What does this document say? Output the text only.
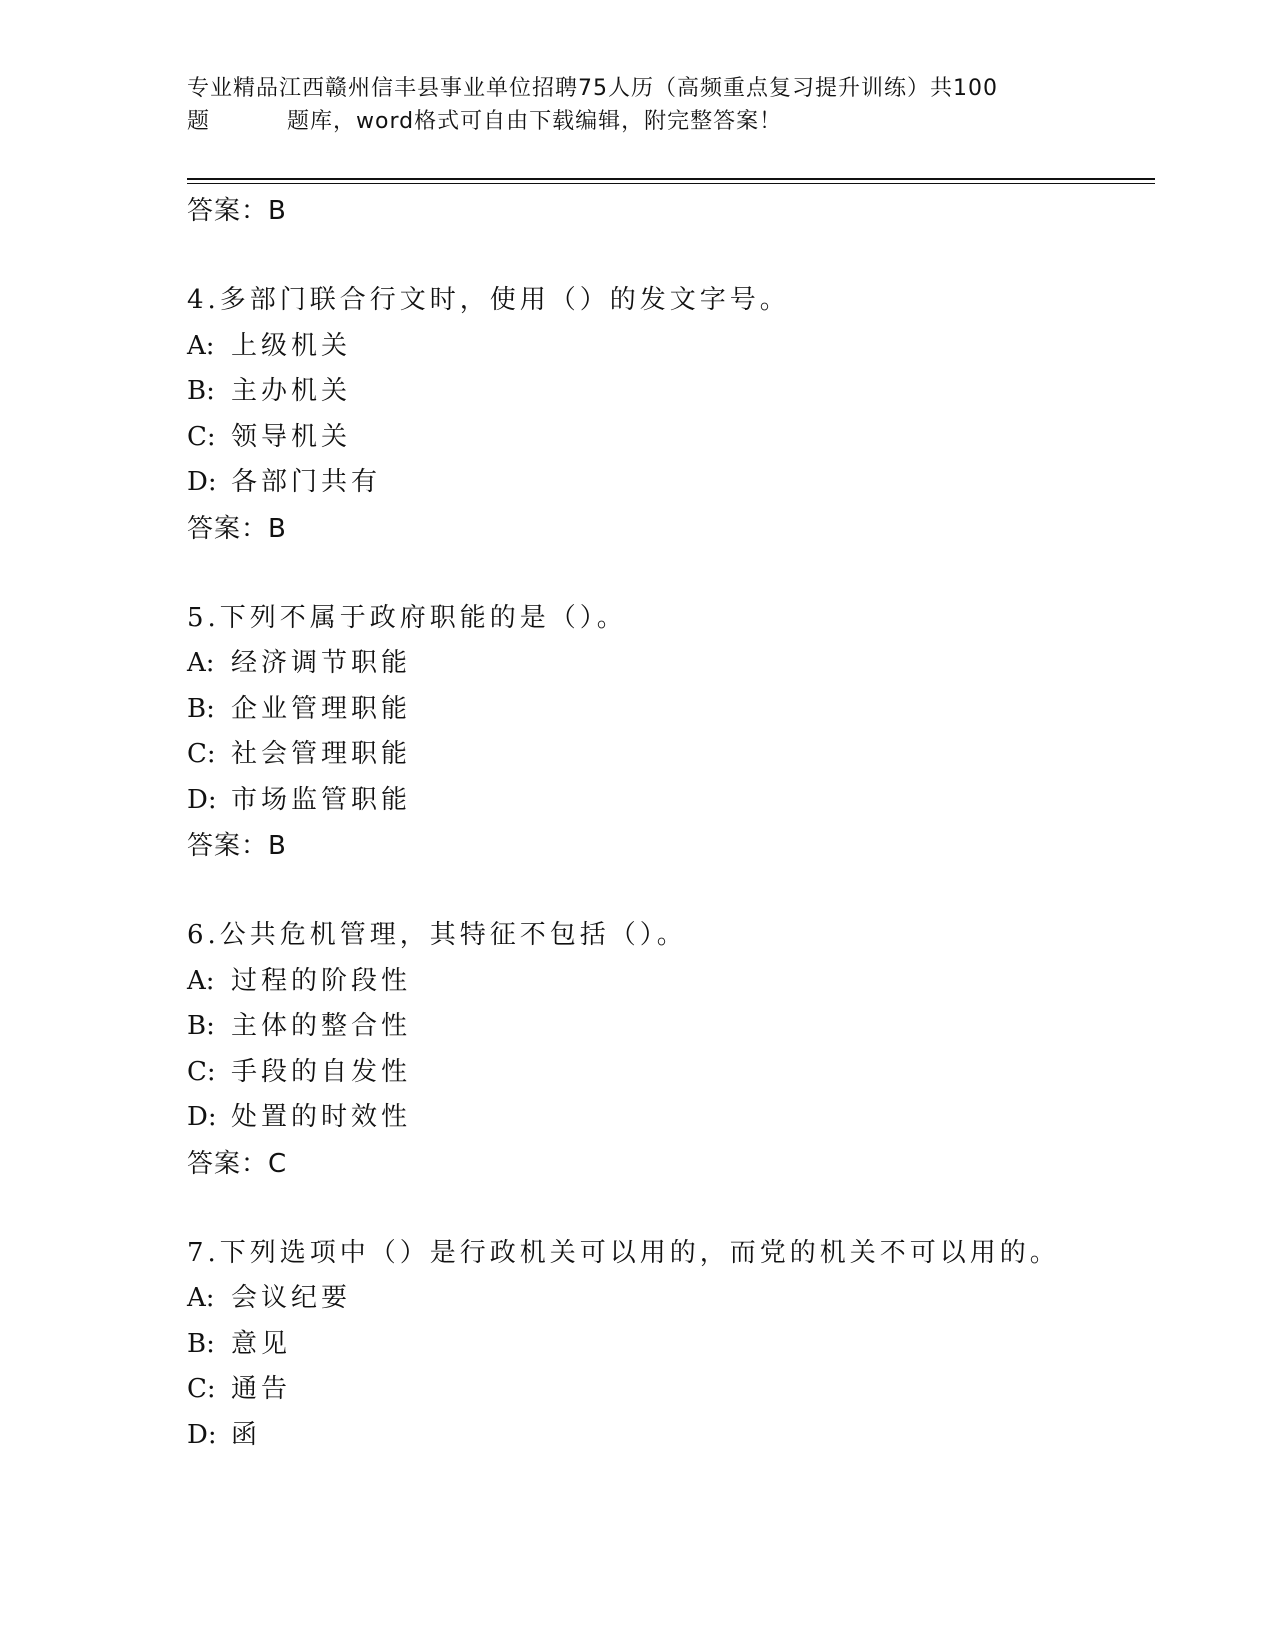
专业精品江西赣州信丰县事业单位招聘75人历（高频重点复习提升训练）共100
题	题库，word格式可自由下载编辑，附完整答案！
答案：B
4.多部门联合行文时，使用（）的发文字号。
A: 上级机关
B: 主办机关
C: 领导机关
D: 各部门共有
答案：B
5.下列不属于政府职能的是（）。
A: 经济调节职能
B: 企业管理职能
C: 社会管理职能
D: 市场监管职能
答案：B
6.公共危机管理，其特征不包括（）。
A: 过程的阶段性
B: 主体的整合性
C: 手段的自发性
D: 处置的时效性
答案：C
7.下列选项中（）是行政机关可以用的，而党的机关不可以用的。
A: 会议纪要
B: 意见
C: 通告
D: 函
